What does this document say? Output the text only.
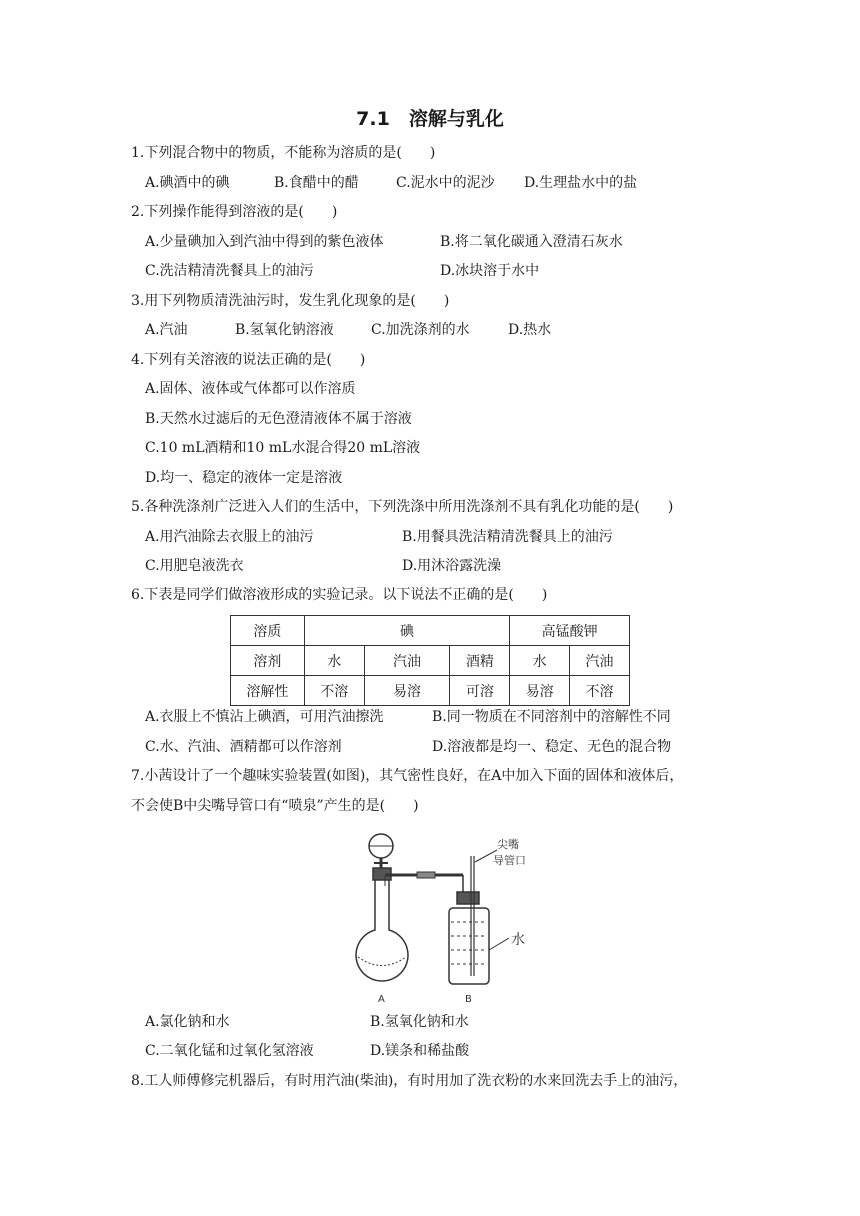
7.1　溶解与乳化
1.下列混合物中的物质，不能称为溶质的是(　　)
A.碘酒中的碘	B.食醋中的醋	C.泥水中的泥沙 D.生理盐水中的盐
2.下列操作能得到溶液的是(　　)
A.少量碘加入到汽油中得到的紫色液体	B.将二氧化碳通入澄清石灰水
C.洗洁精清洗餐具上的油污	D.冰块溶于水中
3.用下列物质清洗油污时，发生乳化现象的是(　　)
A.汽油	B.氢氧化钠溶液	C.加洗涤剂的水	D.热水
4.下列有关溶液的说法正确的是(　　)
A.固体、液体或气体都可以作溶质
B.天然水过滤后的无色澄清液体不属于溶液
C.10 mL酒精和10 mL水混合得20 mL溶液
D.均一、稳定的液体一定是溶液
5.各种洗涤剂广泛进入人们的生活中，下列洗涤中所用洗涤剂不具有乳化功能的是(　　)
A.用汽油除去衣服上的油污	B.用餐具洗洁精清洗餐具上的油污
C.用肥皂液洗衣	D.用沐浴露洗澡
6.下表是同学们做溶液形成的实验记录。以下说法不正确的是(　　)
溶质	碘			高锰酸钾	
溶剂	水	汽油	酒精	水	汽油
溶解性	不溶	易溶	可溶	易溶	不溶
A.衣服上不慎沾上碘酒，可用汽油擦洗	B.同一物质在不同溶剂中的溶解性不同
C.水、汽油、酒精都可以作溶剂	D.溶液都是均一、稳定、无色的混合物
7.小茜设计了一个趣味实验装置(如图)，其气密性良好，在A中加入下面的固体和液体后，
不会使B中尖嘴导管口有“喷泉”产生的是(　　)
尖嘴
导管口
水
A	B
A.氯化钠和水	B.氢氧化钠和水
C.二氧化锰和过氧化氢溶液	D.镁条和稀盐酸
8.工人师傅修完机器后，有时用汽油(柴油)，有时用加了洗衣粉的水来回洗去手上的油污，
